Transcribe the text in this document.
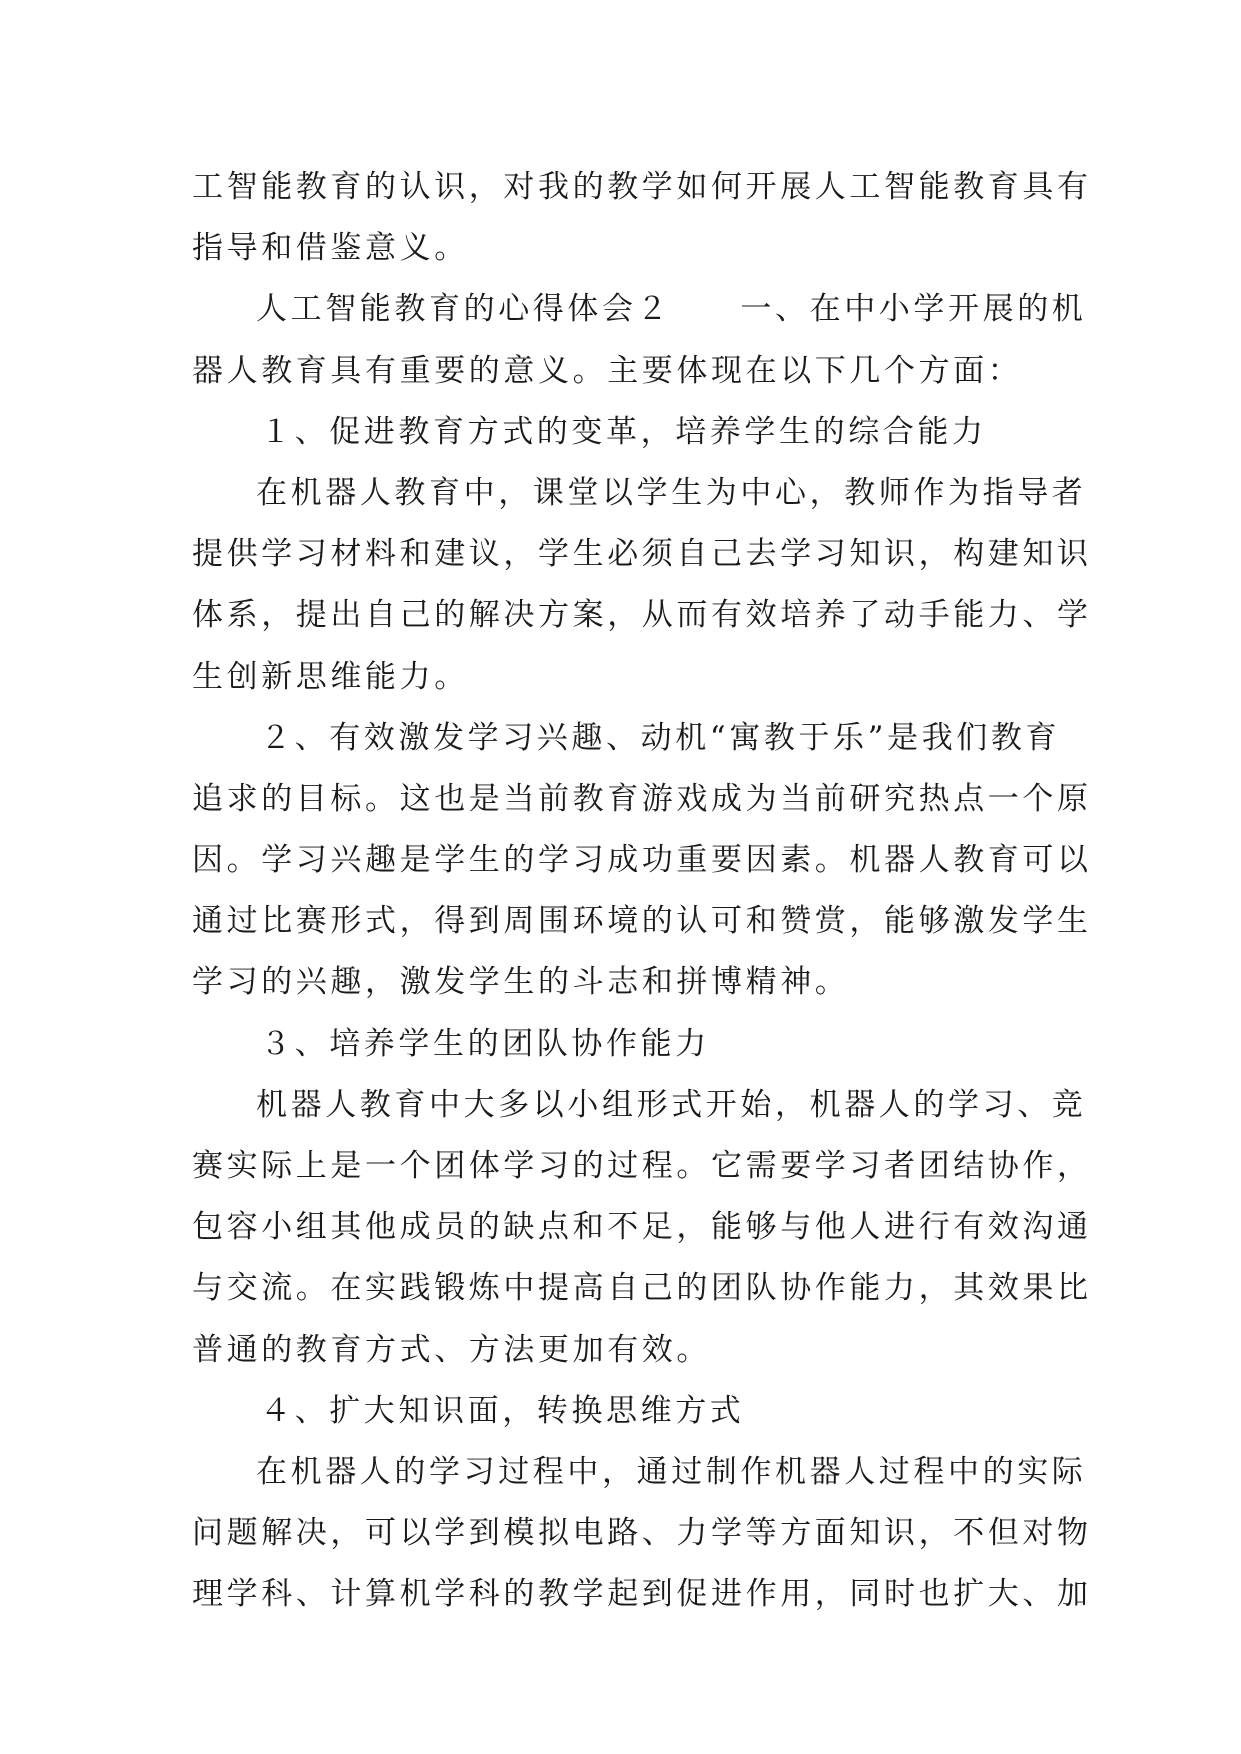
工智能教育的认识，对我的教学如何开展人工智能教育具有
指导和借鉴意义。
人工智能教育的心得体会２　　一、在中小学开展的机
器人教育具有重要的意义。主要体现在以下几个方面：
１、促进教育方式的变革，培养学生的综合能力
在机器人教育中，课堂以学生为中心，教师作为指导者
提供学习材料和建议，学生必须自己去学习知识，构建知识
体系，提出自己的解决方案，从而有效培养了动手能力、学
生创新思维能力。
２、有效激发学习兴趣、动机“寓教于乐”是我们教育
追求的目标。这也是当前教育游戏成为当前研究热点一个原
因。学习兴趣是学生的学习成功重要因素。机器人教育可以
通过比赛形式，得到周围环境的认可和赞赏，能够激发学生
学习的兴趣，激发学生的斗志和拼博精神。
３、培养学生的团队协作能力
机器人教育中大多以小组形式开始，机器人的学习、竞
赛实际上是一个团体学习的过程。它需要学习者团结协作，
包容小组其他成员的缺点和不足，能够与他人进行有效沟通
与交流。在实践锻炼中提高自己的团队协作能力，其效果比
普通的教育方式、方法更加有效。
４、扩大知识面，转换思维方式
在机器人的学习过程中，通过制作机器人过程中的实际
问题解决，可以学到模拟电路、力学等方面知识，不但对物
理学科、计算机学科的教学起到促进作用，同时也扩大、加
